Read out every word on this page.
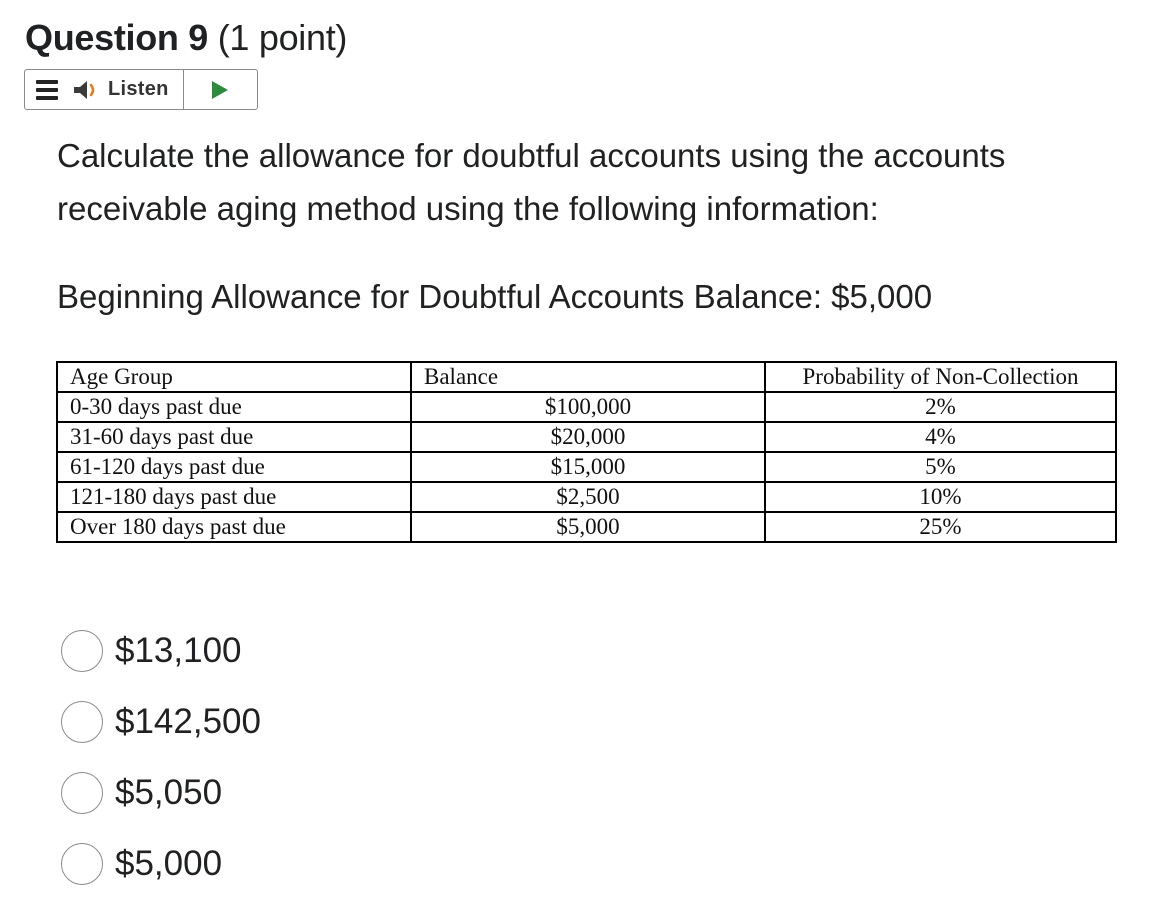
Question 9 (1 point)
Listen
Calculate the allowance for doubtful accounts using the accounts receivable aging method using the following information:
Beginning Allowance for Doubtful Accounts Balance: $5,000
Age Group	Balance	Probability of Non-Collection
0-30 days past due	$100,000	2%
31-60 days past due	$20,000	4%
61-120 days past due	$15,000	5%
121-180 days past due	$2,500	10%
Over 180 days past due	$5,000	25%
$13,100
$142,500
$5,050
$5,000
